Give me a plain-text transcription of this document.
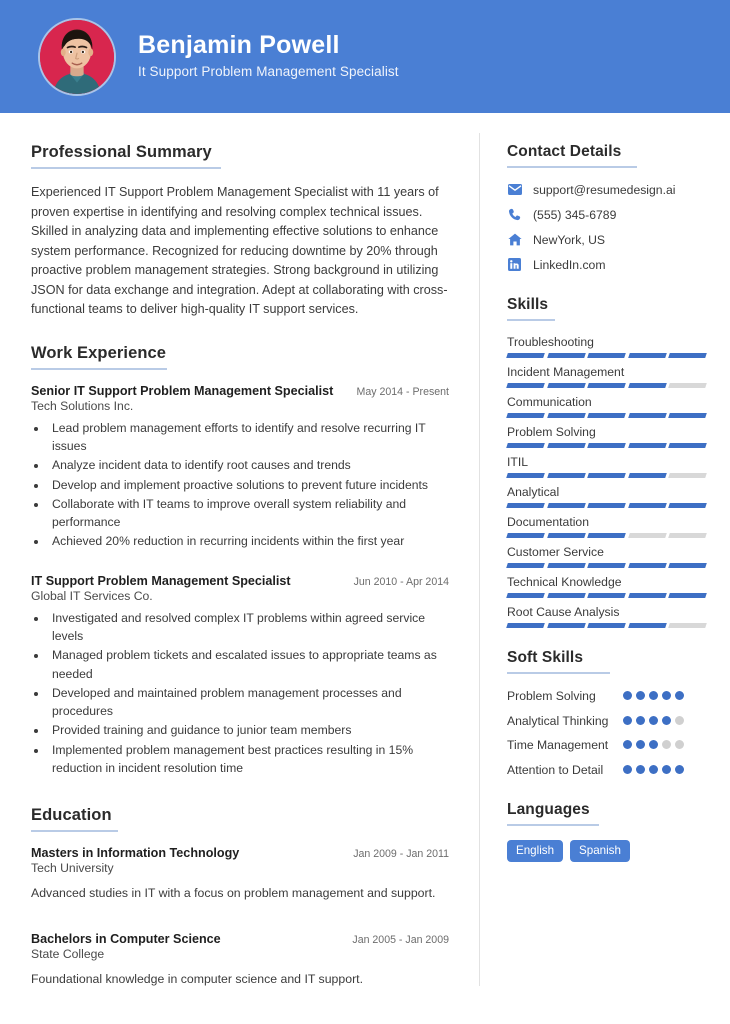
Benjamin Powell
It Support Problem Management Specialist
Professional Summary

Experienced IT Support Problem Management Specialist with 11 years of proven expertise in identifying and resolving complex technical issues. Skilled in analyzing data and implementing effective solutions to enhance system performance. Recognized for reducing downtime by 20% through proactive problem management strategies. Strong background in utilizing JSON for data exchange and integration. Adept at collaborating with cross-functional teams to deliver high-quality IT support services.

Work Experience
Senior IT Support Problem Management Specialist May 2014 - Present
Tech Solutions Inc.
• Lead problem management efforts to identify and resolve recurring IT issues
• Analyze incident data to identify root causes and trends
• Develop and implement proactive solutions to prevent future incidents
• Collaborate with IT teams to improve overall system reliability and performance
• Achieved 20% reduction in recurring incidents within the first year
IT Support Problem Management Specialist	Jun 2010 - Apr 2014
Global IT Services Co.
• Investigated and resolved complex IT problems within agreed service levels
• Managed problem tickets and escalated issues to appropriate teams as needed
• Developed and maintained problem management processes and procedures
• Provided training and guidance to junior team members
• Implemented problem management best practices resulting in 15% reduction in incident resolution time
Education
Masters in Information Technology	Jan 2009 - Jan 2011
Tech University
Advanced studies in IT with a focus on problem management and support.
Bachelors in Computer Science	Jan 2005 - Jan 2009
State College
Foundational knowledge in computer science and IT support.
Contact Details
support@resumedesign.ai
(555) 345-6789
NewYork, US
LinkedIn.com
Skills
Troubleshooting
Incident Management
Communication
Problem Solving
ITIL
Analytical
Documentation
Customer Service
Technical Knowledge
Root Cause Analysis
Soft Skills
Problem Solving
Analytical Thinking
Time Management
Attention to Detail
Languages
English	Spanish
